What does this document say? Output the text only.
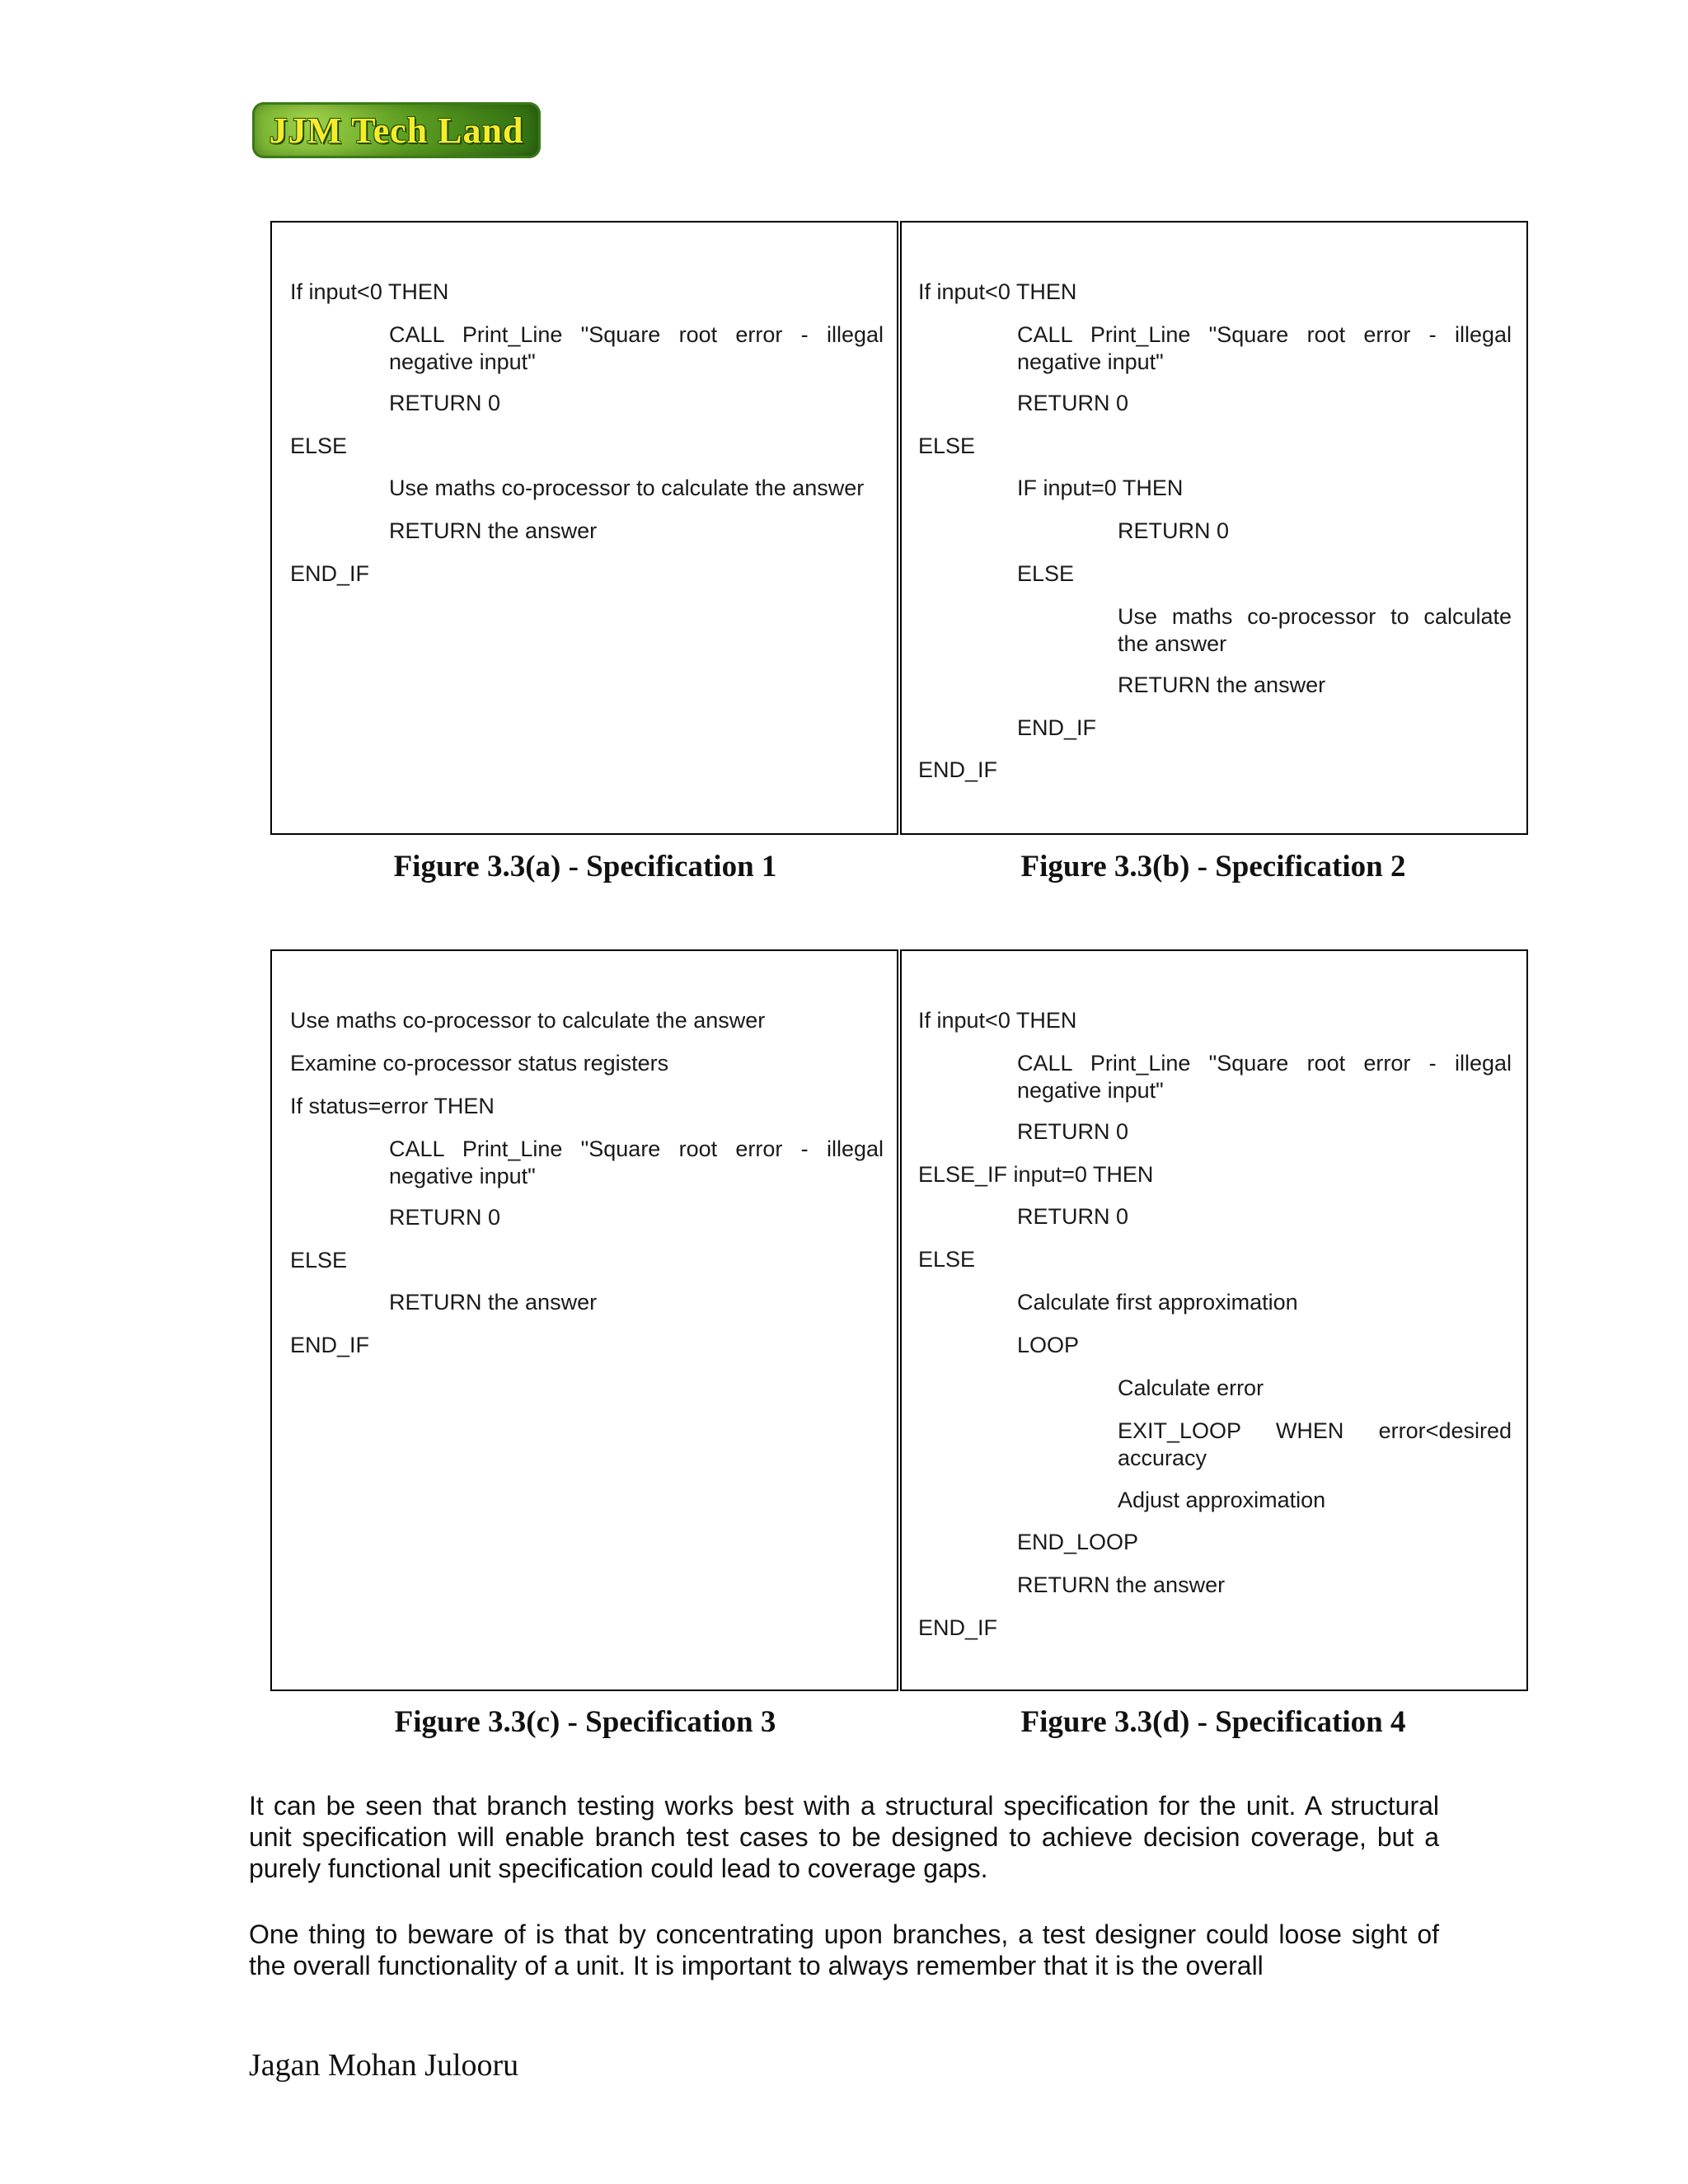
JJM Tech Land
If input<0 THEN
CALL Print_Line "Square root error - illegal negative input"
RETURN 0
ELSE
Use maths co-processor to calculate the answer
RETURN the answer
END_IF
Figure 3.3(a) - Specification 1
If input<0 THEN
CALL Print_Line "Square root error - illegal negative input"
RETURN 0
ELSE
IF input=0 THEN
RETURN 0
ELSE
Use maths co-processor to calculate the answer
RETURN the answer
END_IF
END_IF
Figure 3.3(b) - Specification 2
Use maths co-processor to calculate the answer
Examine co-processor status registers
If status=error THEN
CALL Print_Line "Square root error - illegal negative input"
RETURN 0
ELSE
RETURN the answer
END_IF
Figure 3.3(c) - Specification 3
If input<0 THEN
CALL Print_Line "Square root error - illegal negative input"
RETURN 0
ELSE_IF input=0 THEN
RETURN 0
ELSE
Calculate first approximation
LOOP
Calculate error
EXIT_LOOP WHEN error<desired accuracy
Adjust approximation
END_LOOP
RETURN the answer
END_IF
Figure 3.3(d) - Specification 4

It can be seen that branch testing works best with a structural specification for the unit. A structural unit specification will enable branch test cases to be designed to achieve decision coverage, but a purely functional unit specification could lead to coverage gaps.

One thing to beware of is that by concentrating upon branches, a test designer could loose sight of the overall functionality of a unit. It is important to always remember that it is the overall

Jagan Mohan Julooru
